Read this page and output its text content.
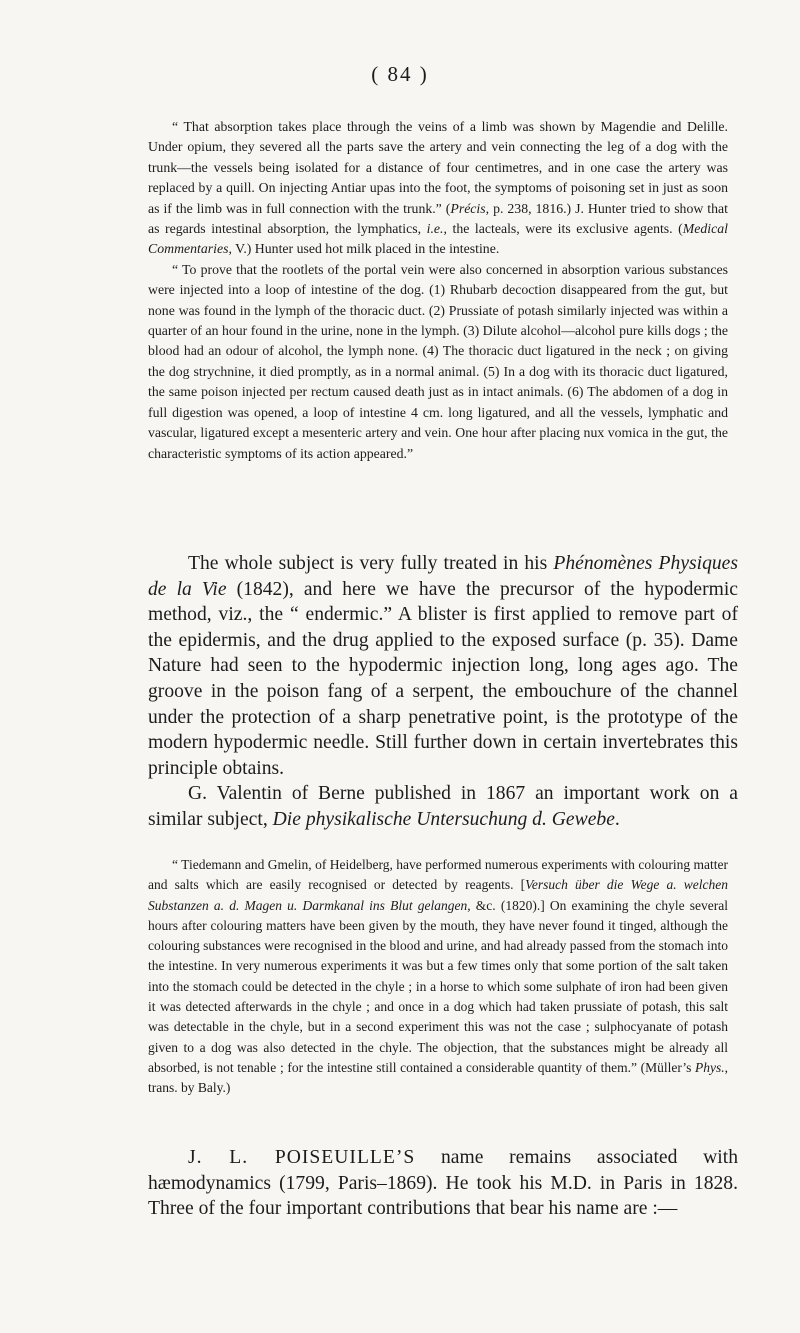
( 84 )

“ That absorption takes place through the veins of a limb was shown by Magendie and Delille. Under opium, they severed all the parts save the artery and vein connecting the leg of a dog with the trunk—the vessels being isolated for a distance of four centimetres, and in one case the artery was replaced by a quill. On injecting Antiar upas into the foot, the symptoms of poisoning set in just as soon as if the limb was in full connection with the trunk.” (Précis, p. 238, 1816.) J. Hunter tried to show that as regards intestinal absorption, the lymphatics, i.e., the lacteals, were its exclusive agents. (Medical Commentaries, V.) Hunter used hot milk placed in the intestine.

“ To prove that the rootlets of the portal vein were also concerned in absorption various substances were injected into a loop of intestine of the dog. (1) Rhubarb decoction disappeared from the gut, but none was found in the lymph of the thoracic duct. (2) Prussiate of potash similarly injected was within a quarter of an hour found in the urine, none in the lymph. (3) Dilute alcohol—alcohol pure kills dogs ; the blood had an odour of alcohol, the lymph none. (4) The thoracic duct ligatured in the neck ; on giving the dog strychnine, it died promptly, as in a normal animal. (5) In a dog with its thoracic duct ligatured, the same poison injected per rectum caused death just as in intact animals. (6) The abdomen of a dog in full digestion was opened, a loop of intestine 4 cm. long ligatured, and all the vessels, lymphatic and vascular, ligatured except a mesenteric artery and vein. One hour after placing nux vomica in the gut, the characteristic symptoms of its action appeared.”

The whole subject is very fully treated in his Phénomènes Physiques de la Vie (1842), and here we have the precursor of the hypodermic method, viz., the “ endermic.” A blister is first applied to remove part of the epidermis, and the drug applied to the exposed surface (p. 35). Dame Nature had seen to the hypodermic injection long, long ages ago. The groove in the poison fang of a serpent, the embouchure of the channel under the protection of a sharp penetrative point, is the prototype of the modern hypodermic needle. Still further down in certain invertebrates this principle obtains.

G. Valentin of Berne published in 1867 an important work on a similar subject, Die physikalische Untersuchung d. Gewebe.

“ Tiedemann and Gmelin, of Heidelberg, have performed numerous experiments with colouring matter and salts which are easily recognised or detected by reagents. [Versuch über die Wege a. welchen Substanzen a. d. Magen u. Darmkanal ins Blut gelangen, &c. (1820).] On examining the chyle several hours after colouring matters have been given by the mouth, they have never found it tinged, although the colouring substances were recognised in the blood and urine, and had already passed from the stomach into the intestine. In very numerous experiments it was but a few times only that some portion of the salt taken into the stomach could be detected in the chyle ; in a horse to which some sulphate of iron had been given it was detected afterwards in the chyle ; and once in a dog which had taken prussiate of potash, this salt was detectable in the chyle, but in a second experiment this was not the case ; sulphocyanate of potash given to a dog was also detected in the chyle. The objection, that the substances might be already all absorbed, is not tenable ; for the intestine still contained a considerable quantity of them.” (Müller’s Phys., trans. by Baly.)

J. L. POISEUILLE’S name remains associated with hæmodynamics (1799, Paris–1869). He took his M.D. in Paris in 1828. Three of the four important contributions that bear his name are :—
